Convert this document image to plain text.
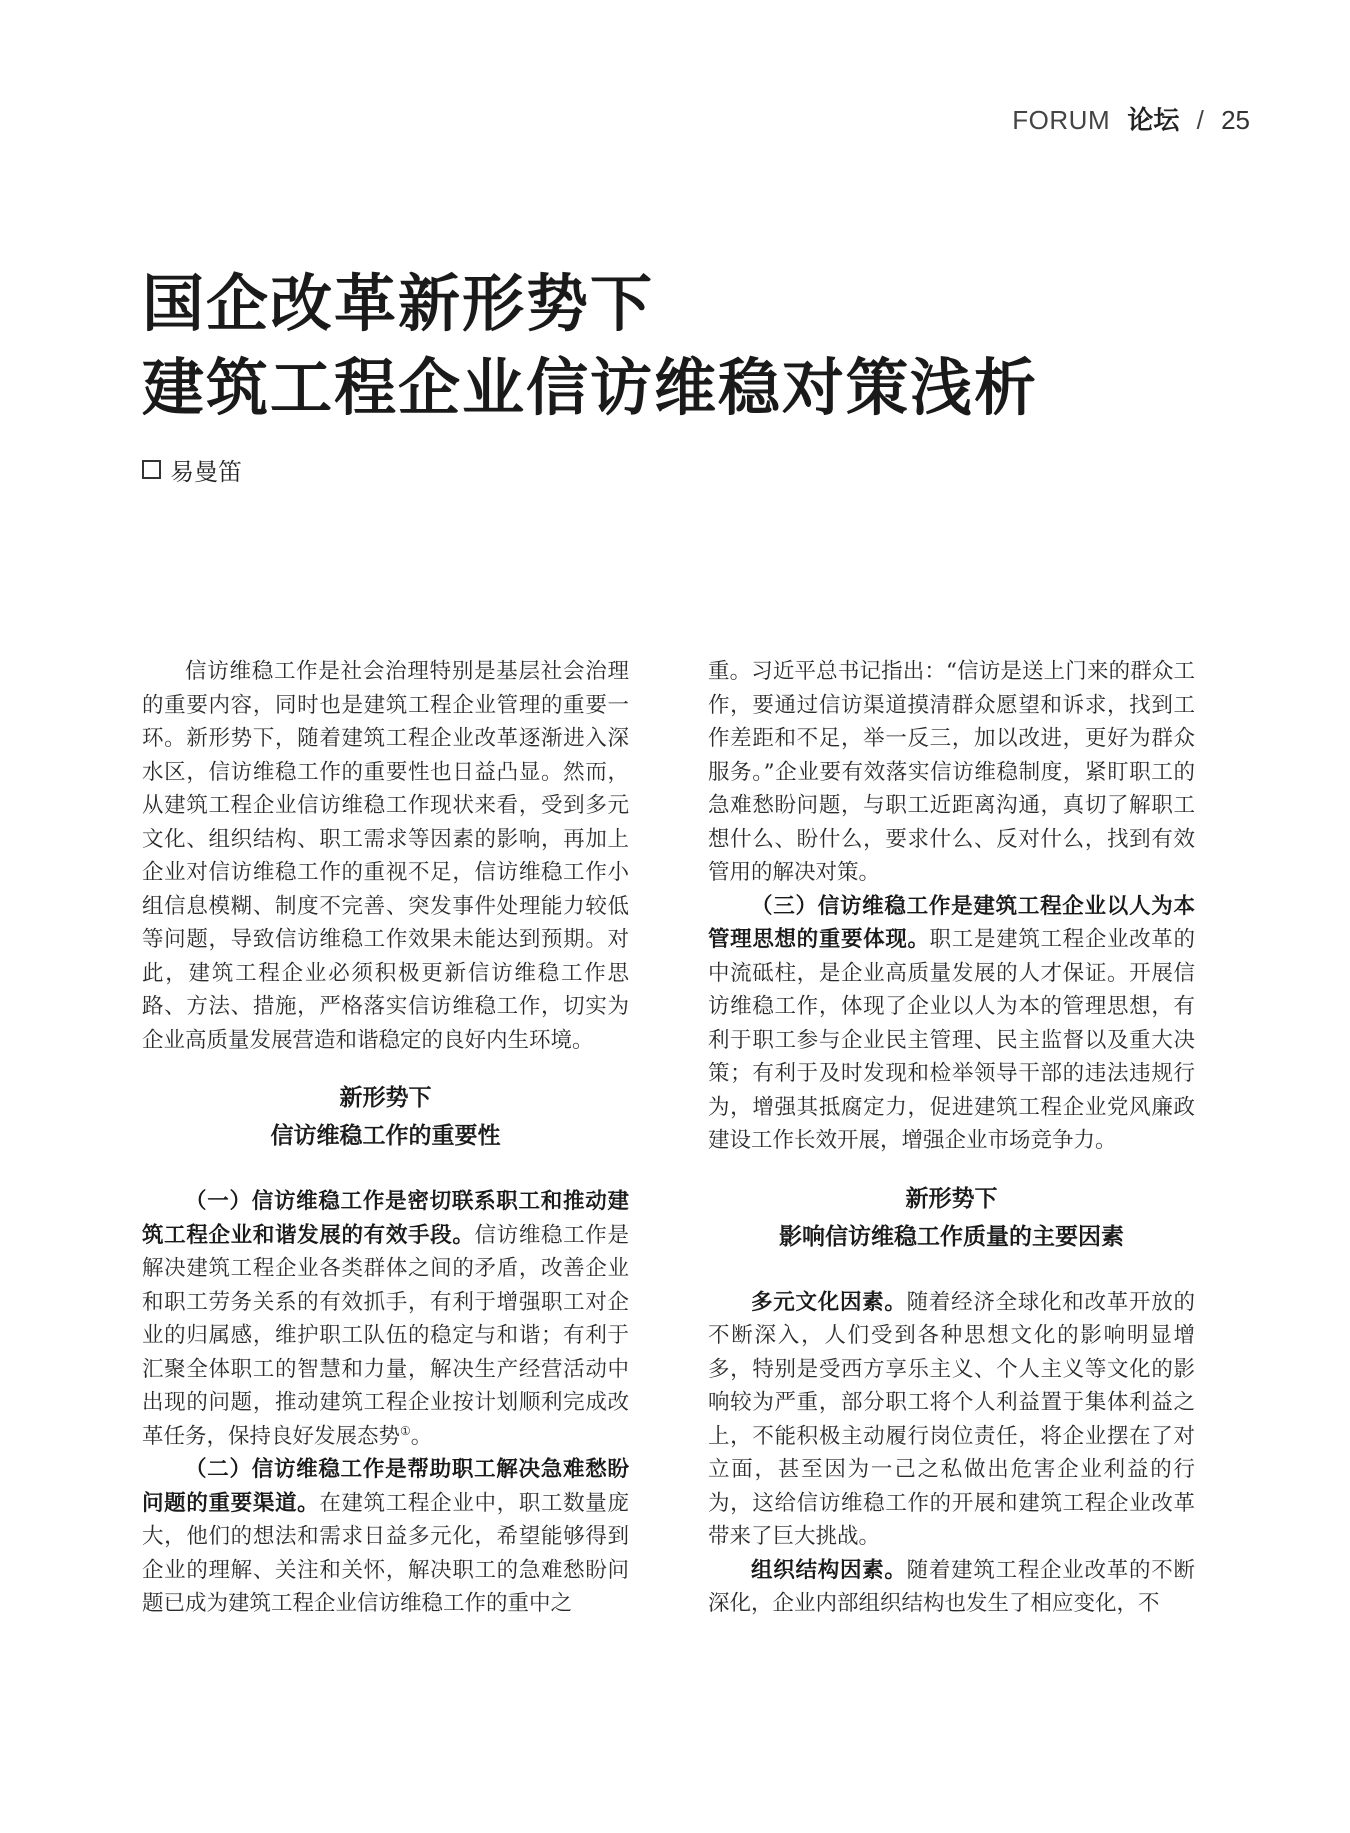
FORUM 论坛 / 25
国企改革新形势下
建筑工程企业信访维稳对策浅析
易曼笛

信访维稳工作是社会治理特别是基层社会治理的重要内容，同时也是建筑工程企业管理的重要一环。新形势下，随着建筑工程企业改革逐渐进入深水区，信访维稳工作的重要性也日益凸显。然而，从建筑工程企业信访维稳工作现状来看，受到多元文化、组织结构、职工需求等因素的影响，再加上企业对信访维稳工作的重视不足，信访维稳工作小组信息模糊、制度不完善、突发事件处理能力较低等问题，导致信访维稳工作效果未能达到预期。对此，建筑工程企业必须积极更新信访维稳工作思路、方法、措施，严格落实信访维稳工作，切实为企业高质量发展营造和谐稳定的良好内生环境。

新形势下
信访维稳工作的重要性

（一）信访维稳工作是密切联系职工和推动建筑工程企业和谐发展的有效手段。信访维稳工作是解决建筑工程企业各类群体之间的矛盾，改善企业和职工劳务关系的有效抓手，有利于增强职工对企业的归属感，维护职工队伍的稳定与和谐；有利于汇聚全体职工的智慧和力量，解决生产经营活动中出现的问题，推动建筑工程企业按计划顺利完成改革任务，保持良好发展态势①。

（二）信访维稳工作是帮助职工解决急难愁盼问题的重要渠道。在建筑工程企业中，职工数量庞大，他们的想法和需求日益多元化，希望能够得到企业的理解、关注和关怀，解决职工的急难愁盼问题已成为建筑工程企业信访维稳工作的重中之

重。习近平总书记指出：“信访是送上门来的群众工作，要通过信访渠道摸清群众愿望和诉求，找到工作差距和不足，举一反三，加以改进，更好为群众服务。”企业要有效落实信访维稳制度，紧盯职工的急难愁盼问题，与职工近距离沟通，真切了解职工想什么、盼什么，要求什么、反对什么，找到有效管用的解决对策。

（三）信访维稳工作是建筑工程企业以人为本管理思想的重要体现。职工是建筑工程企业改革的中流砥柱，是企业高质量发展的人才保证。开展信访维稳工作，体现了企业以人为本的管理思想，有利于职工参与企业民主管理、民主监督以及重大决策；有利于及时发现和检举领导干部的违法违规行为，增强其抵腐定力，促进建筑工程企业党风廉政建设工作长效开展，增强企业市场竞争力。

新形势下
影响信访维稳工作质量的主要因素

多元文化因素。随着经济全球化和改革开放的不断深入，人们受到各种思想文化的影响明显增多，特别是受西方享乐主义、个人主义等文化的影响较为严重，部分职工将个人利益置于集体利益之上，不能积极主动履行岗位责任，将企业摆在了对立面，甚至因为一己之私做出危害企业利益的行为，这给信访维稳工作的开展和建筑工程企业改革带来了巨大挑战。

组织结构因素。随着建筑工程企业改革的不断深化，企业内部组织结构也发生了相应变化，不
